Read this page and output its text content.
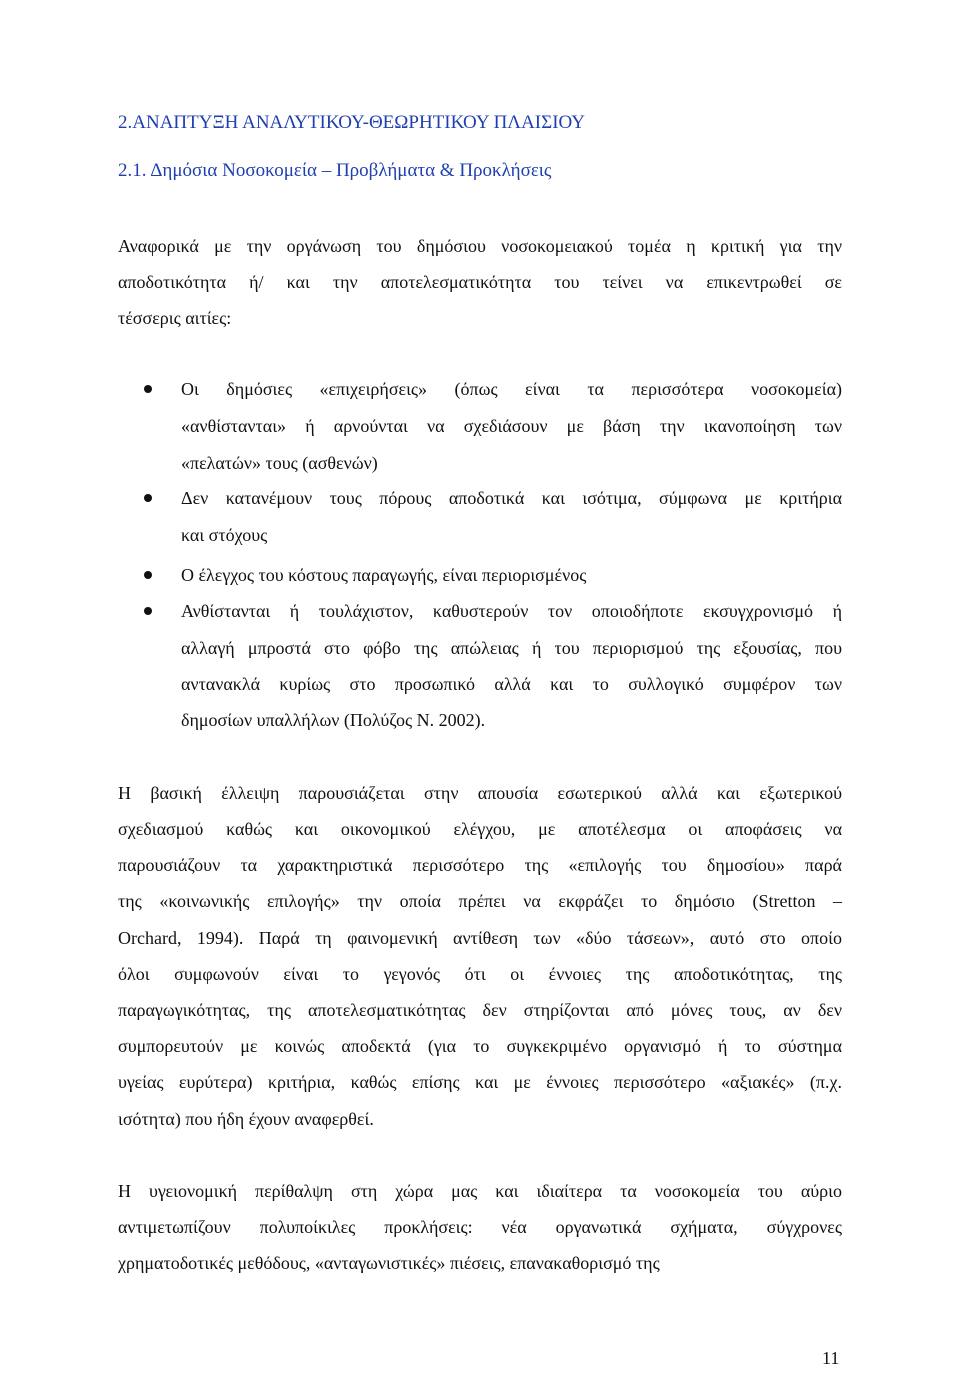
2.ΑΝΑΠΤΥΞΗ ΑΝΑΛΥΤΙΚΟΥ-ΘΕΩΡΗΤΙΚΟΥ ΠΛΑΙΣΙΟΥ
2.1. Δημόσια Νοσοκομεία – Προβλήματα & Προκλήσεις
Αναφορικά με την οργάνωση του δημόσιου νοσοκομειακού τομέα η κριτική για την
αποδοτικότητα ή/ και την αποτελεσματικότητα του τείνει να επικεντρωθεί σε
τέσσερις αιτίες:
Οι δημόσιες «επιχειρήσεις» (όπως είναι τα περισσότερα νοσοκομεία)
«ανθίστανται» ή αρνούνται να σχεδιάσουν με βάση την ικανοποίηση των
«πελατών» τους (ασθενών)
Δεν κατανέμουν τους πόρους αποδοτικά και ισότιμα, σύμφωνα με κριτήρια
και στόχους
Ο έλεγχος του κόστους παραγωγής, είναι περιορισμένος
Ανθίστανται ή τουλάχιστον, καθυστερούν τον οποιοδήποτε εκσυγχρονισμό ή
αλλαγή μπροστά στο φόβο της απώλειας ή του περιορισμού της εξουσίας, που
αντανακλά κυρίως στο προσωπικό αλλά και το συλλογικό συμφέρον των
δημοσίων υπαλλήλων (Πολύζος Ν. 2002).
Η βασική έλλειψη παρουσιάζεται στην απουσία εσωτερικού αλλά και εξωτερικού
σχεδιασμού καθώς και οικονομικού ελέγχου, με αποτέλεσμα οι αποφάσεις να
παρουσιάζουν τα χαρακτηριστικά περισσότερο της «επιλογής του δημοσίου» παρά
της «κοινωνικής επιλογής» την οποία πρέπει να εκφράζει το δημόσιο (Stretton –
Orchard, 1994). Παρά τη φαινομενική αντίθεση των «δύο τάσεων», αυτό στο οποίο
όλοι συμφωνούν είναι το γεγονός ότι οι έννοιες της αποδοτικότητας, της
παραγωγικότητας, της αποτελεσματικότητας δεν στηρίζονται από μόνες τους, αν δεν
συμπορευτούν με κοινώς αποδεκτά (για το συγκεκριμένο οργανισμό ή το σύστημα
υγείας ευρύτερα) κριτήρια, καθώς επίσης και με έννοιες περισσότερο «αξιακές» (π.χ.
ισότητα) που ήδη έχουν αναφερθεί.
Η υγειονομική περίθαλψη στη χώρα μας και ιδιαίτερα τα νοσοκομεία του αύριο
αντιμετωπίζουν πολυποίκιλες προκλήσεις: νέα οργανωτικά σχήματα, σύγχρονες
χρηματοδοτικές μεθόδους, «ανταγωνιστικές» πιέσεις, επανακαθορισμό της
11
